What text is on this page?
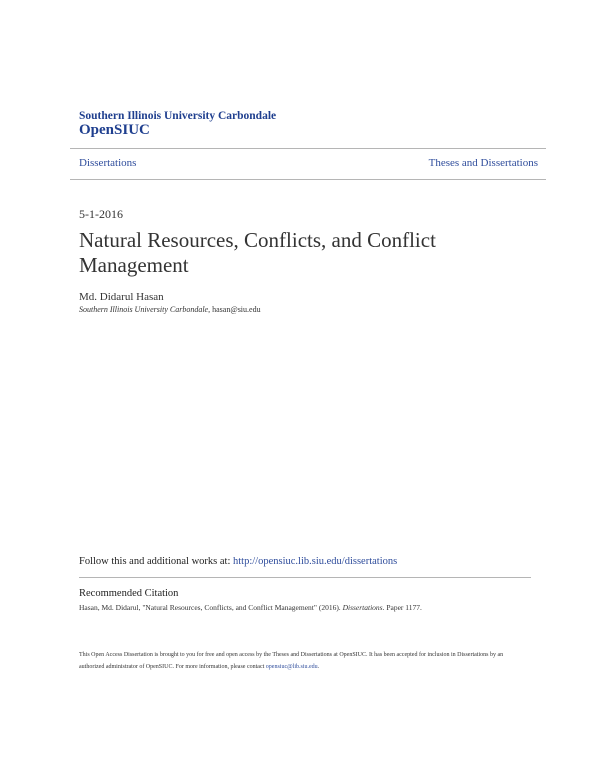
Southern Illinois University Carbondale
OpenSIUC
Dissertations	Theses and Dissertations
5-1-2016
Natural Resources, Conflicts, and Conflict Management
Md. Didarul Hasan
Southern Illinois University Carbondale, hasan@siu.edu
Follow this and additional works at: http://opensiuc.lib.siu.edu/dissertations
Recommended Citation
Hasan, Md. Didarul, "Natural Resources, Conflicts, and Conflict Management" (2016). Dissertations. Paper 1177.
This Open Access Dissertation is brought to you for free and open access by the Theses and Dissertations at OpenSIUC. It has been accepted for inclusion in Dissertations by an authorized administrator of OpenSIUC. For more information, please contact opensiuc@lib.siu.edu.
